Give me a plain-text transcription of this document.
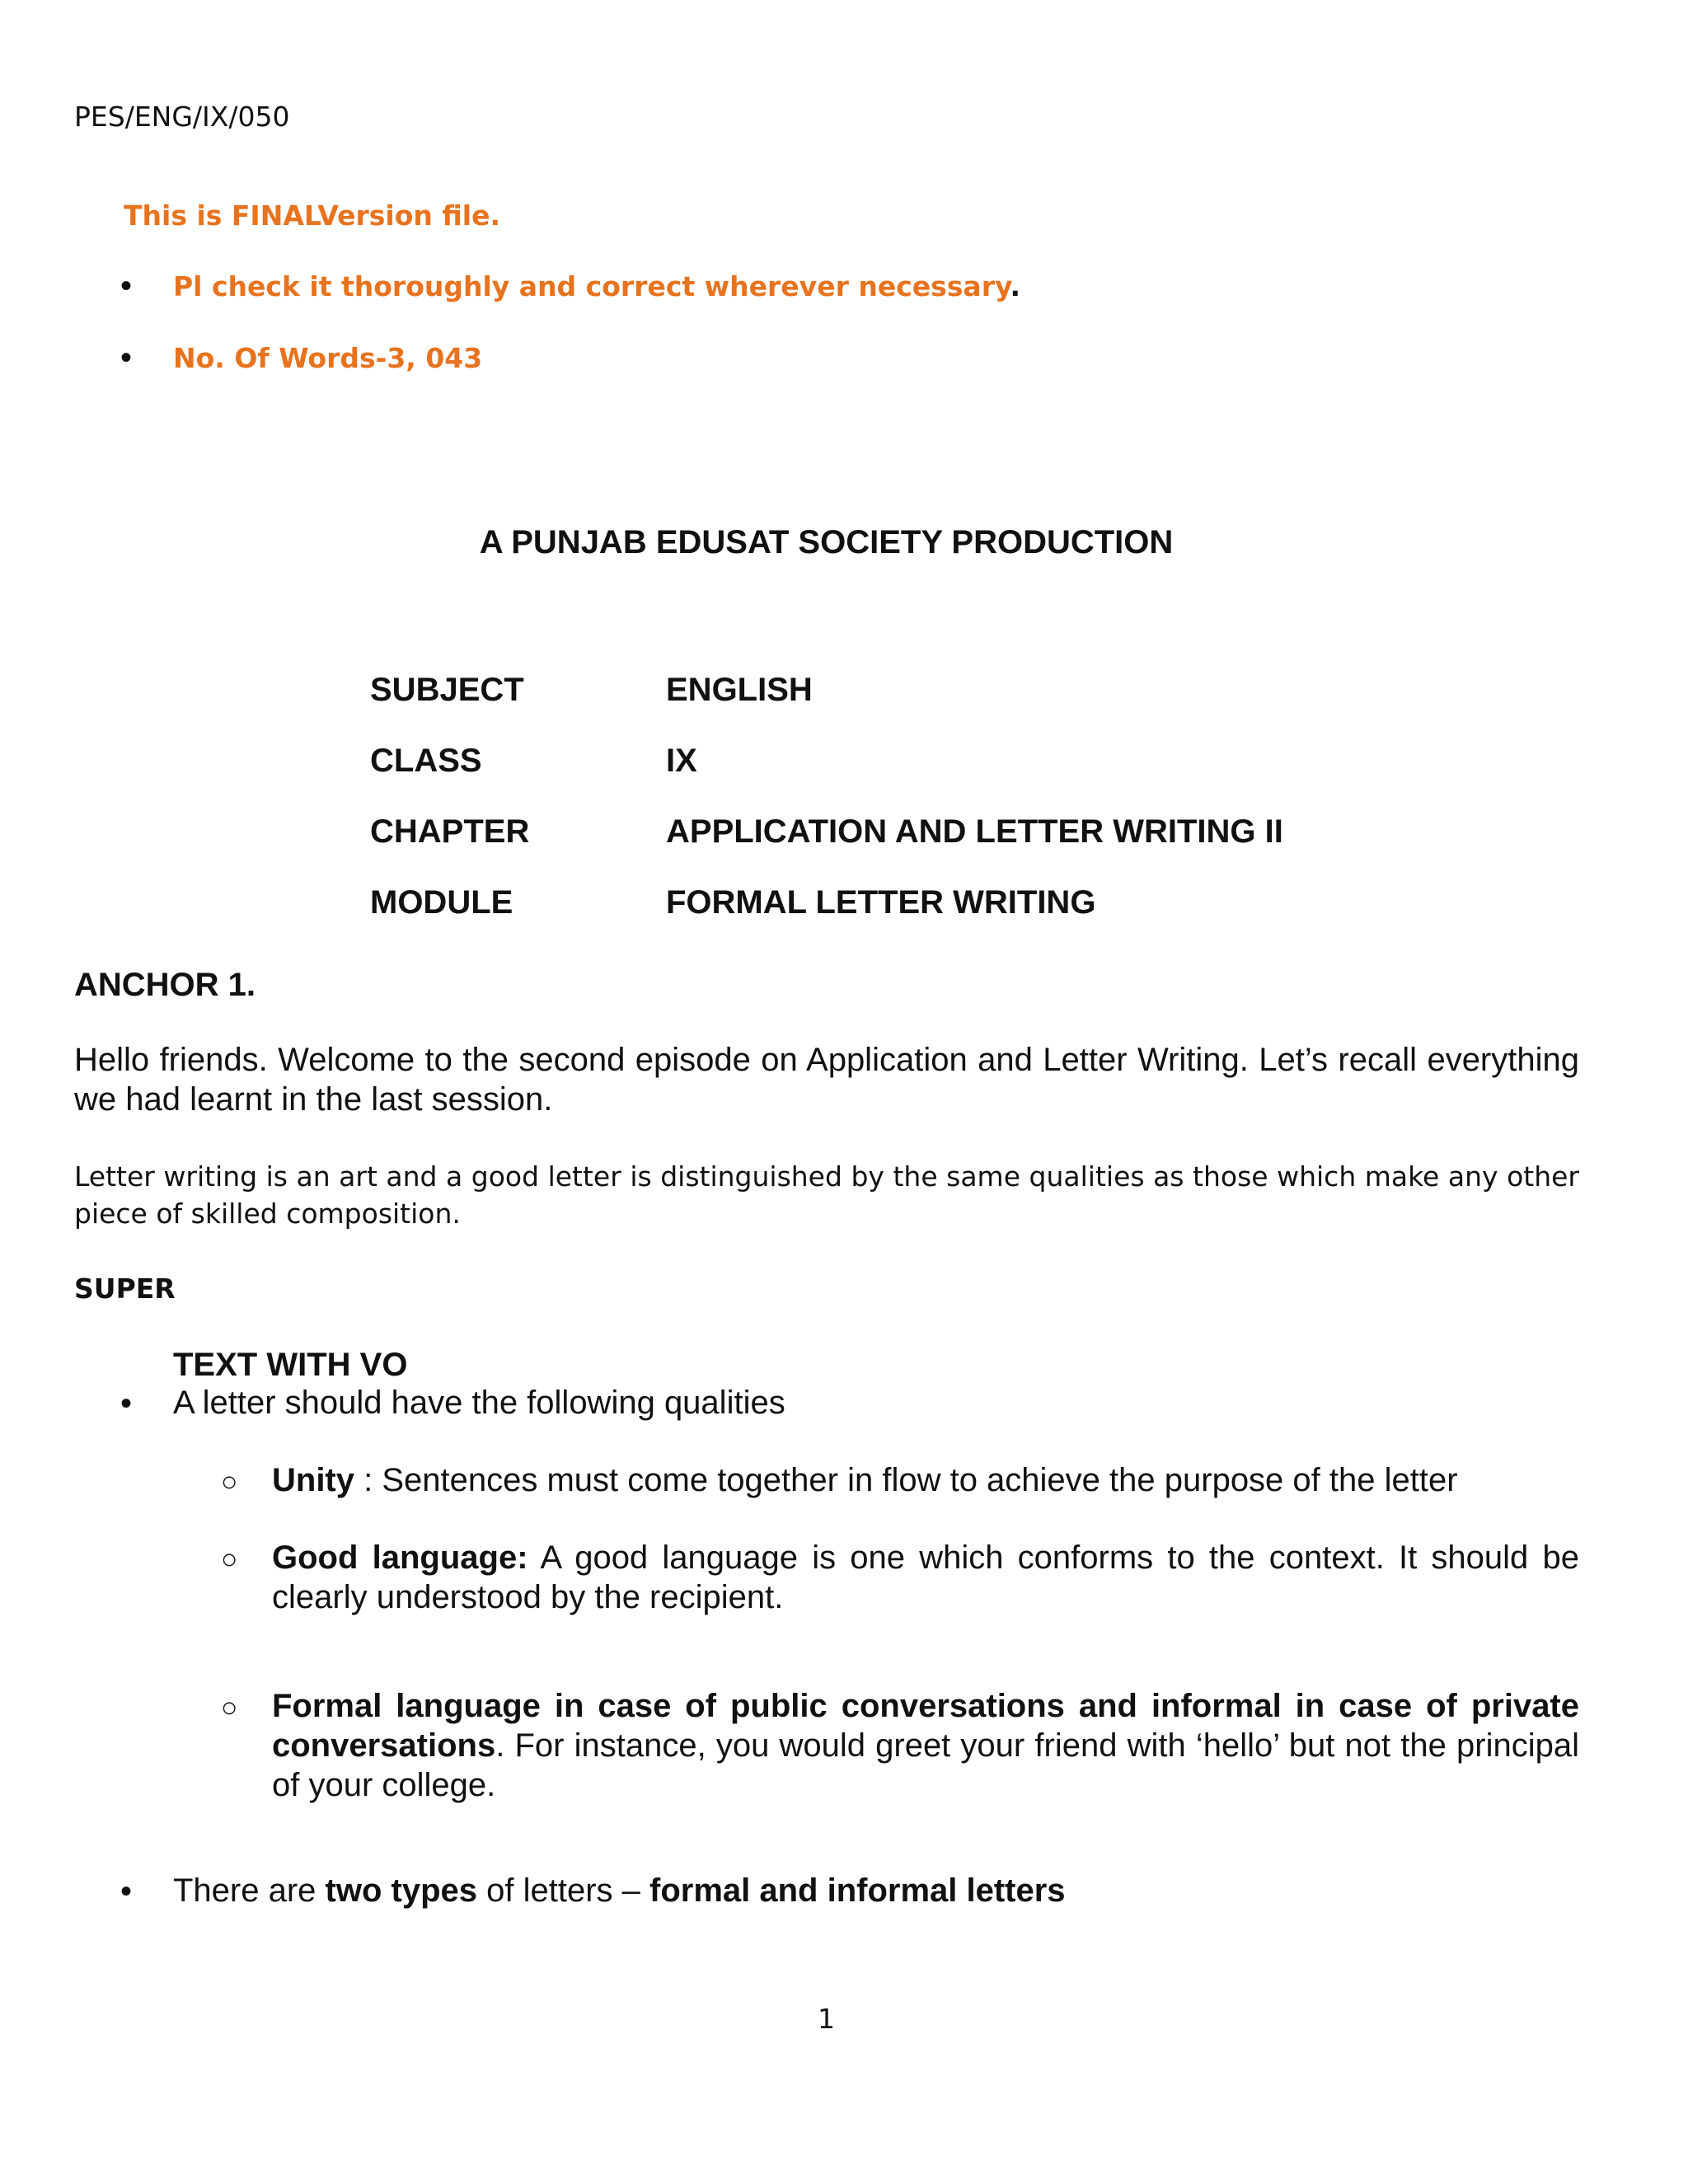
PES/ENG/IX/050
This is FINALVersion file.
• Pl check it thoroughly and correct wherever necessary.
• No. Of Words-3, 043
A PUNJAB EDUSAT SOCIETY PRODUCTION
SUBJECT	ENGLISH
CLASS	IX
CHAPTER	APPLICATION AND LETTER WRITING II
MODULE	FORMAL LETTER WRITING
ANCHOR 1.

Hello friends. Welcome to the second episode on Application and Letter Writing. Let’s recall everything we had learnt in the last session.

Letter writing is an art and a good letter is distinguished by the same qualities as those which make any other piece of skilled composition.

SUPER
TEXT WITH VO
• A letter should have the following qualities
○ Unity : Sentences must come together in flow to achieve the purpose of the letter

○ Good language: A good language is one which conforms to the context. It should be clearly understood by the recipient.

○ Formal language in case of public conversations and informal in case of private conversations. For instance, you would greet your friend with ‘hello’ but not the principal of your college.

• There are two types of letters – formal and informal letters
1
